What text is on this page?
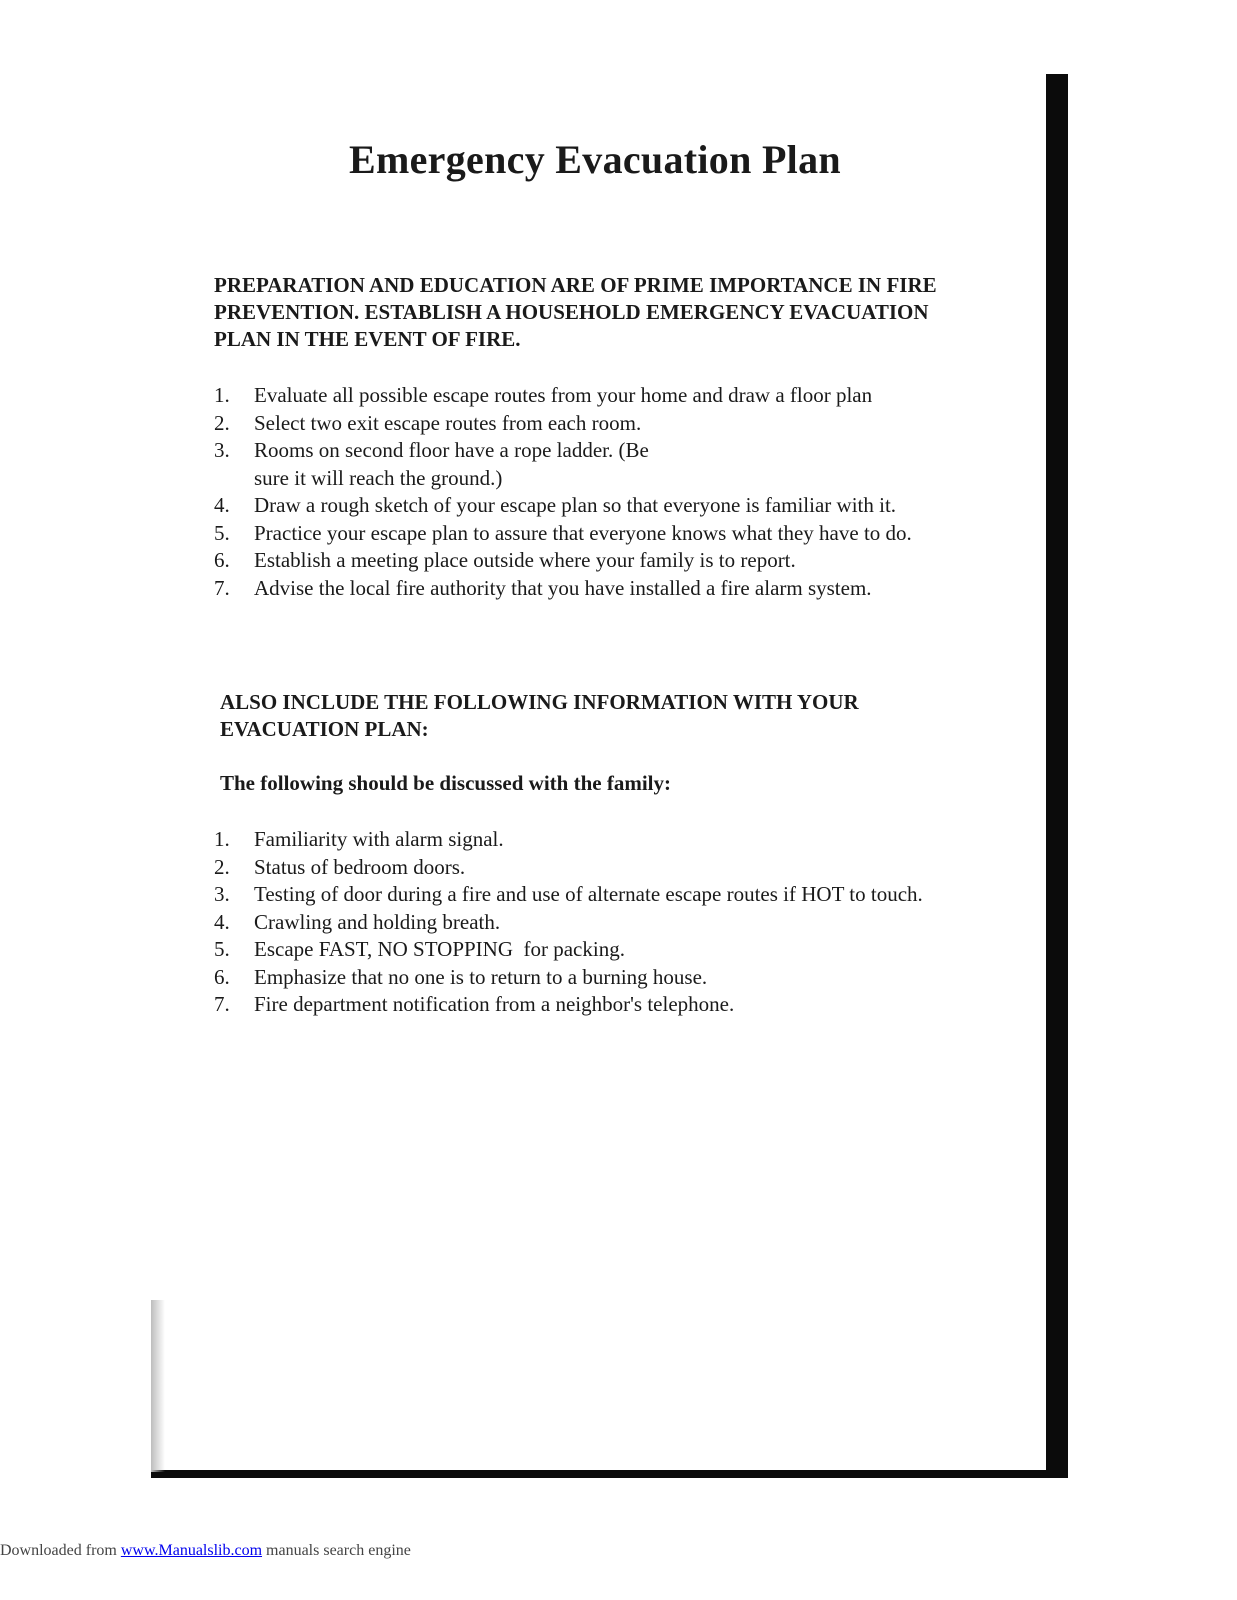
Emergency Evacuation Plan

PREPARATION AND EDUCATION ARE OF PRIME IMPORTANCE IN FIRE PREVENTION. ESTABLISH A HOUSEHOLD EMERGENCY EVACUATION PLAN IN THE EVENT OF FIRE.

1.	Evaluate all possible escape routes from your home and draw a floor plan
2.	Select two exit escape routes from each room.
3.	Rooms on second floor have a rope ladder. (Be sure it will reach the ground.)
4.	Draw a rough sketch of your escape plan so that everyone is familiar with it.
5.	Practice your escape plan to assure that everyone knows what they have to do.
6.	Establish a meeting place outside where your family is to report.
7.	Advise the local fire authority that you have installed a fire alarm system.

ALSO INCLUDE THE FOLLOWING INFORMATION WITH YOUR EVACUATION PLAN:

The following should be discussed with the family:

1.	Familiarity with alarm signal.
2.	Status of bedroom doors.
3.	Testing of door during a fire and use of alternate escape routes if HOT to touch.
4.	Crawling and holding breath.
5.	Escape FAST, NO STOPPING  for packing.
6.	Emphasize that no one is to return to a burning house.
7.	Fire department notification from a neighbor's telephone.
Downloaded from www.Manualslib.com manuals search engine
